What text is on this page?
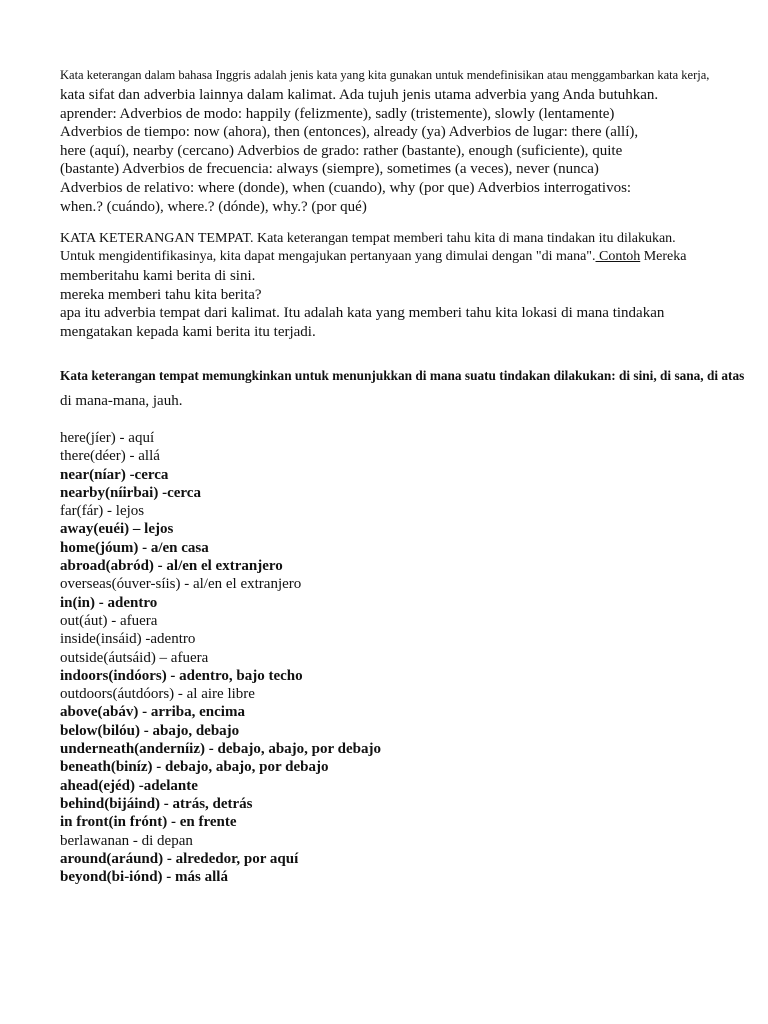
Kata keterangan dalam bahasa Inggris adalah jenis kata yang kita gunakan untuk mendefinisikan atau menggambarkan kata kerja,
kata sifat dan adverbia lainnya dalam kalimat. Ada tujuh jenis utama adverbia yang Anda butuhkan.
aprender: Adverbios de modo: happily (felizmente), sadly (tristemente), slowly (lentamente)
Adverbios de tiempo: now (ahora), then (entonces), already (ya) Adverbios de lugar: there (allí),
here (aquí), nearby (cercano) Adverbios de grado: rather (bastante), enough (suficiente), quite
(bastante) Adverbios de frecuencia: always (siempre), sometimes (a veces), never (nunca)
Adverbios de relativo: where (donde), when (cuando), why (por que) Adverbios interrogativos:
when.? (cuándo), where.? (dónde), why.? (por qué)
KATA KETERANGAN TEMPAT. Kata keterangan tempat memberi tahu kita di mana tindakan itu dilakukan.
Untuk mengidentifikasinya, kita dapat mengajukan pertanyaan yang dimulai dengan "di mana". Contoh Mereka
memberitahu kami berita di sini.
mereka memberi tahu kita berita?
apa itu adverbia tempat dari kalimat. Itu adalah kata yang memberi tahu kita lokasi di mana tindakan
mengatakan kepada kami berita itu terjadi.
Kata keterangan tempat memungkinkan untuk menunjukkan di mana suatu tindakan dilakukan: di sini, di sana, di atas
di mana-mana, jauh.
here(jíer) - aquí
there(déer) - allá
near(níar) -cerca
nearby(níirbai) -cerca
far(fár) - lejos
away(euéi) – lejos
home(jóum) - a/en casa
abroad(abród) - al/en el extranjero
overseas(óuver-síis) - al/en el extranjero
in(in) - adentro
out(áut) - afuera
inside(insáid) -adentro
outside(áutsáid) – afuera
indoors(indóors) - adentro, bajo techo
outdoors(áutdóors) - al aire libre
above(abáv) - arriba, encima
below(bilóu) - abajo, debajo
underneath(anderníiz) - debajo, abajo, por debajo
beneath(biníz) - debajo, abajo, por debajo
ahead(ejéd) -adelante
behind(bijáind) - atrás, detrás
in front(in frónt) - en frente
berlawanan - di depan
around(aráund) - alrededor, por aquí
beyond(bi-iónd) - más allá
